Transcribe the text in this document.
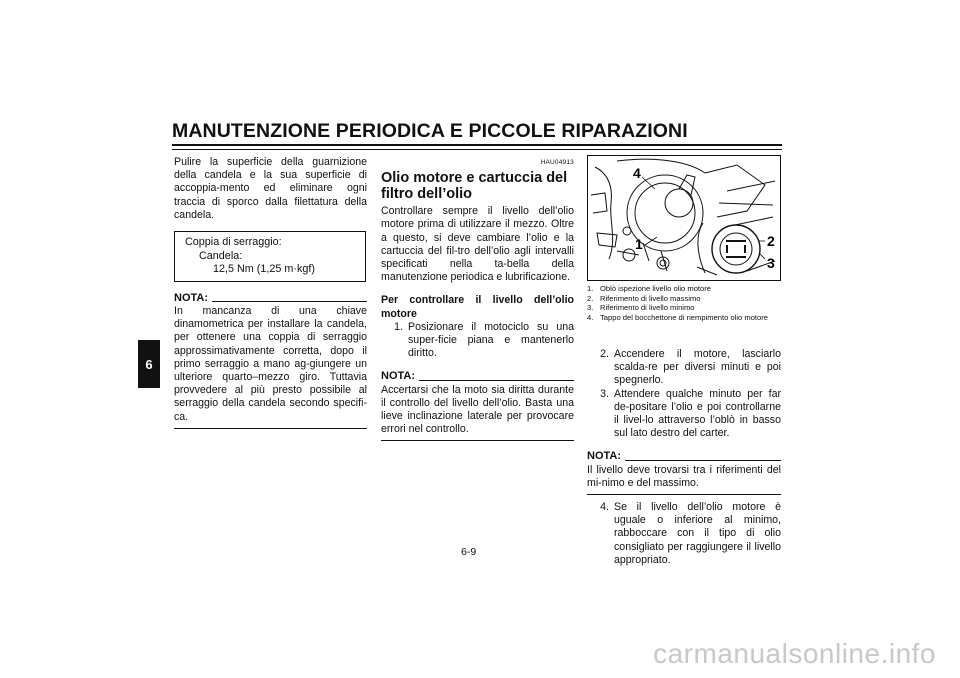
MANUTENZIONE PERIODICA E PICCOLE RIPARAZIONI
6

Pulire la superficie della guarnizione della candela e la sua superficie di accoppia-mento ed eliminare ogni traccia di sporco dalla filettatura della candela.

Coppia di serraggio:
Candela:
12,5 Nm (1,25 m·kgf)
NOTA:

In mancanza di una chiave dinamometrica per installare la candela, per ottenere una coppia di serraggio approssimativamente corretta, dopo il primo serraggio a mano ag-giungere un ulteriore quarto–mezzo giro. Tuttavia provvedere al più presto possibile al serraggio della candela secondo specifi-ca.

HAU04913
Olio motore e cartuccia del filtro dell’olio

Controllare sempre il livello dell’olio motore prima di utilizzare il mezzo. Oltre a questo, si deve cambiare l’olio e la cartuccia del fil-tro dell’olio agli intervalli specificati nella ta-bella della manutenzione periodica e lubrificazione.

Per controllare il livello dell’olio motore

1. Posizionare il motociclo su una super-ficie piana e mantenerlo diritto.
NOTA:

Accertarsi che la moto sia diritta durante il controllo del livello dell’olio. Basta una lieve inclinazione laterale per provocare errori nel controllo.

4
1	2
3
1. Oblò ispezione livello olio motore
2. Riferimento di livello massimo
3. Riferimento di livello minimo
4. Tappo del bocchettone di riempimento olio motore
2. Accendere il motore, lasciarlo scalda-re per diversi minuti e poi spegnerlo.
3. Attendere qualche minuto per far de-positare l’olio e poi controllarne il livel-lo attraverso l’oblò in basso sul lato destro del carter.
NOTA:

Il livello deve trovarsi tra i riferimenti del mi-nimo e del massimo.

4. Se il livello dell’olio motore è uguale o inferiore al minimo, rabboccare con il tipo di olio consigliato per raggiungere il livello appropriato.
6-9
carmanualsonline.info
